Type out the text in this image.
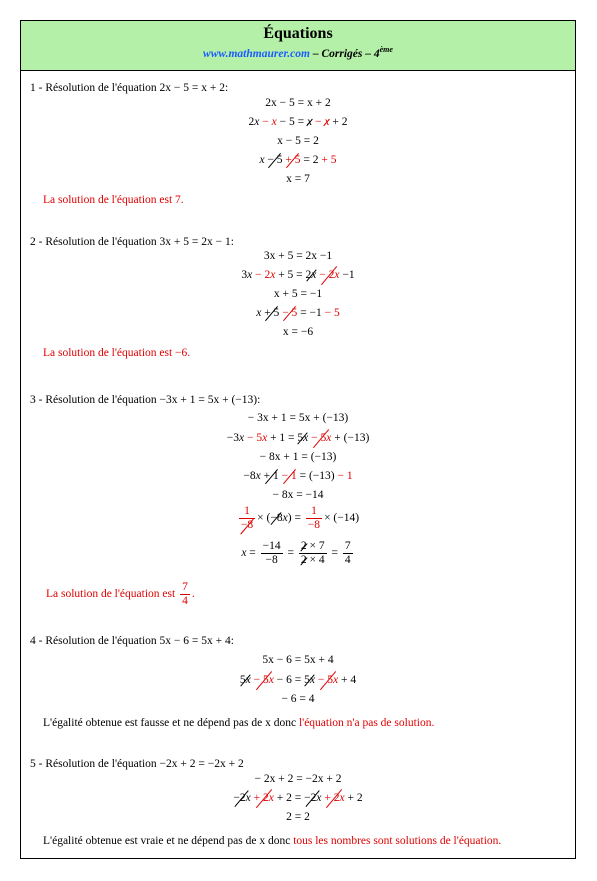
Équations
www.mathmaurer.com – Corrigés – 4ème
1 - Résolution de l'équation 2x − 5 = x + 2:
2x − 5 = x + 2
2x − x − 5 = x − x + 2
x − 5 = 2
x − 5 + 5 = 2 + 5
x = 7
La solution de l'équation est 7.
2 - Résolution de l'équation 3x + 5 = 2x − 1:
3x + 5 = 2x −1
3x − 2x + 5 = 2x − 2x −1
x + 5 = −1
x + 5 − 5 = −1 − 5
x = −6
La solution de l'équation est −6.
3 - Résolution de l'équation −3x + 1 = 5x + (−13):
− 3x + 1 = 5x + (−13)
−3x − 5x + 1 = 5x − 5x + (−13)
− 8x + 1 = (−13)
−8x + 1 − 1 = (−13) − 1
− 8x = −14
$\frac{1}{-8} \times (-8x) = \frac{1}{-8} \times (-14)$
$x = \frac{-14}{-8} = \frac{2 \times 7}{2 \times 4} = \frac{7}{4}$
La solution de l'équation est $\frac{7}{4}$ .
4 - Résolution de l'équation 5x − 6 = 5x + 4:
5x − 6 = 5x + 4
5x − 5x − 6 = 5x − 5x + 4
− 6 = 4
L'égalité obtenue est fausse et ne dépend pas de x donc l'équation n'a pas de solution.
5 - Résolution de l'équation −2x + 2 = −2x + 2
− 2x + 2 = −2x + 2
−2x + 2x + 2 = −2x + 2x + 2
2 = 2
L'égalité obtenue est vraie et ne dépend pas de x donc tous les nombres sont solutions de l'équation.
